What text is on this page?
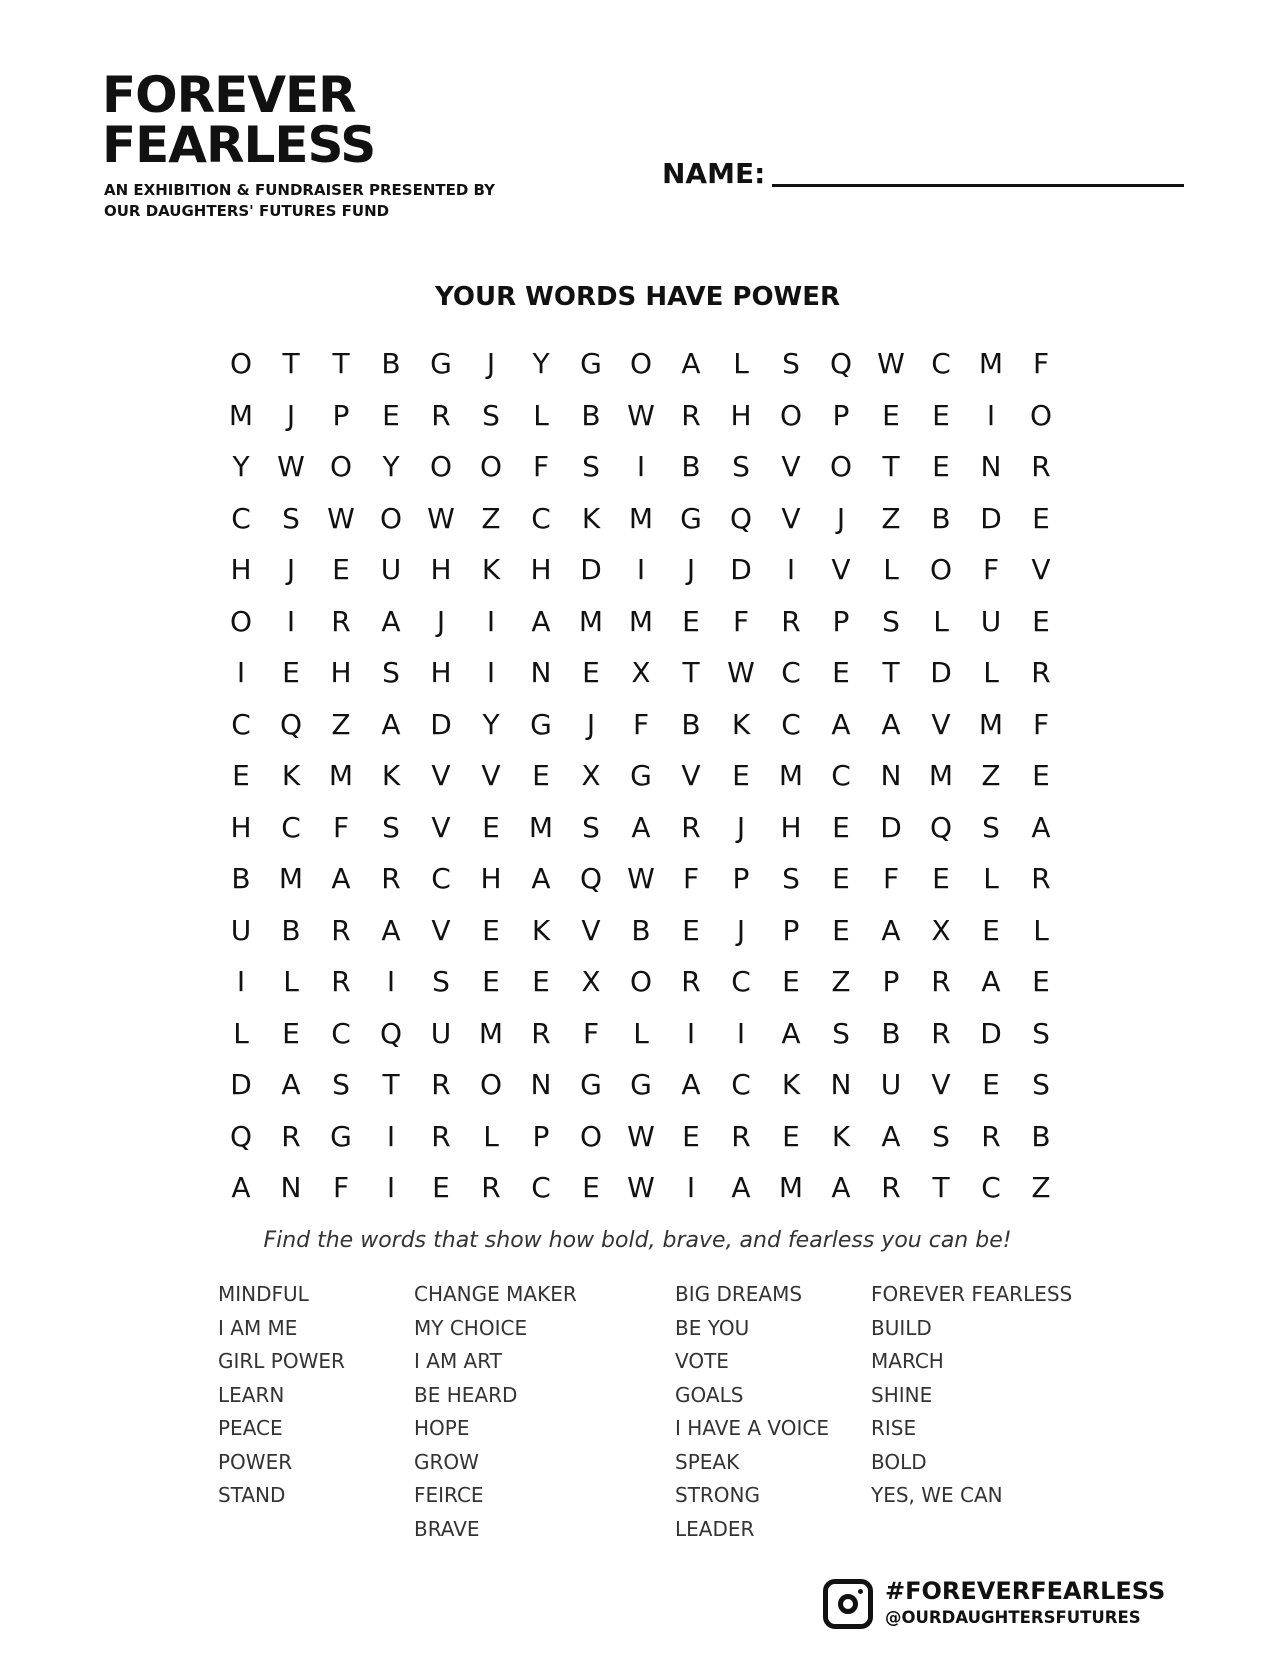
FOREVER
FEARLESS
AN EXHIBITION & FUNDRAISER PRESENTED BY
OUR DAUGHTERS' FUTURES FUND
NAME:
YOUR WORDS HAVE POWER
O	T	T	B	G	J	Y	G	O	A	L	S	Q W C	M	F
M	J	P	E	R	S	L	B W R	H	O	P	E	E	I	O
Y W O	Y	O O	F	S	I	B	S	V	O	T	E	N	R
C	S W O W Z	C	K	M G	Q	V	J	Z	B	D	E
H	J	E	U	H	K	H	D	I	J	D	I	V	L	O	F	V
O	I	R	A	J	I	A	M M	E	F	R	P	S	L	U	E
I	E	H	S	H	I	N	E	X	T W C	E	T	D	L	R
C	Q	Z	A	D	Y	G	J	F	B	K	C	A	A	V	M	F
E	K	M	K	V	V	E	X	G	V	E	M	C	N M	Z	E
H	C	F	S	V	E	M	S	A	R	J	H	E	D	Q	S	A
B	M	A	R	C	H	A	Q W	F	P	S	E	F	E	L	R
U	B	R	A	V	E	K	V	B	E	J	P	E	A	X	E	L
I	L	R	I	S	E	E	X	O	R	C	E	Z	P	R	A	E
L	E	C	Q	U M	R	F	L	I	I	A	S	B	R	D	S
D	A	S	T	R	O	N	G	G	A	C	K	N	U	V	E	S
Q	R	G	I	R	L	P	O W E	R	E	K	A	S	R	B
A	N	F	I	E	R	C	E W	I	A	M	A	R	T	C	Z
Find the words that show how bold, brave, and fearless you can be!
MINDFUL
I AM ME
GIRL POWER
LEARN
PEACE
POWER
STAND
CHANGE MAKER
MY CHOICE
I AM ART
BE HEARD
HOPE
GROW
FEIRCE
BRAVE
BIG DREAMS
BE YOU
VOTE
GOALS
I HAVE A VOICE
SPEAK
STRONG
LEADER
FOREVER FEARLESS
BUILD
MARCH
SHINE
RISE
BOLD
YES, WE CAN
#FOREVERFEARLESS
@OURDAUGHTERSFUTURES
